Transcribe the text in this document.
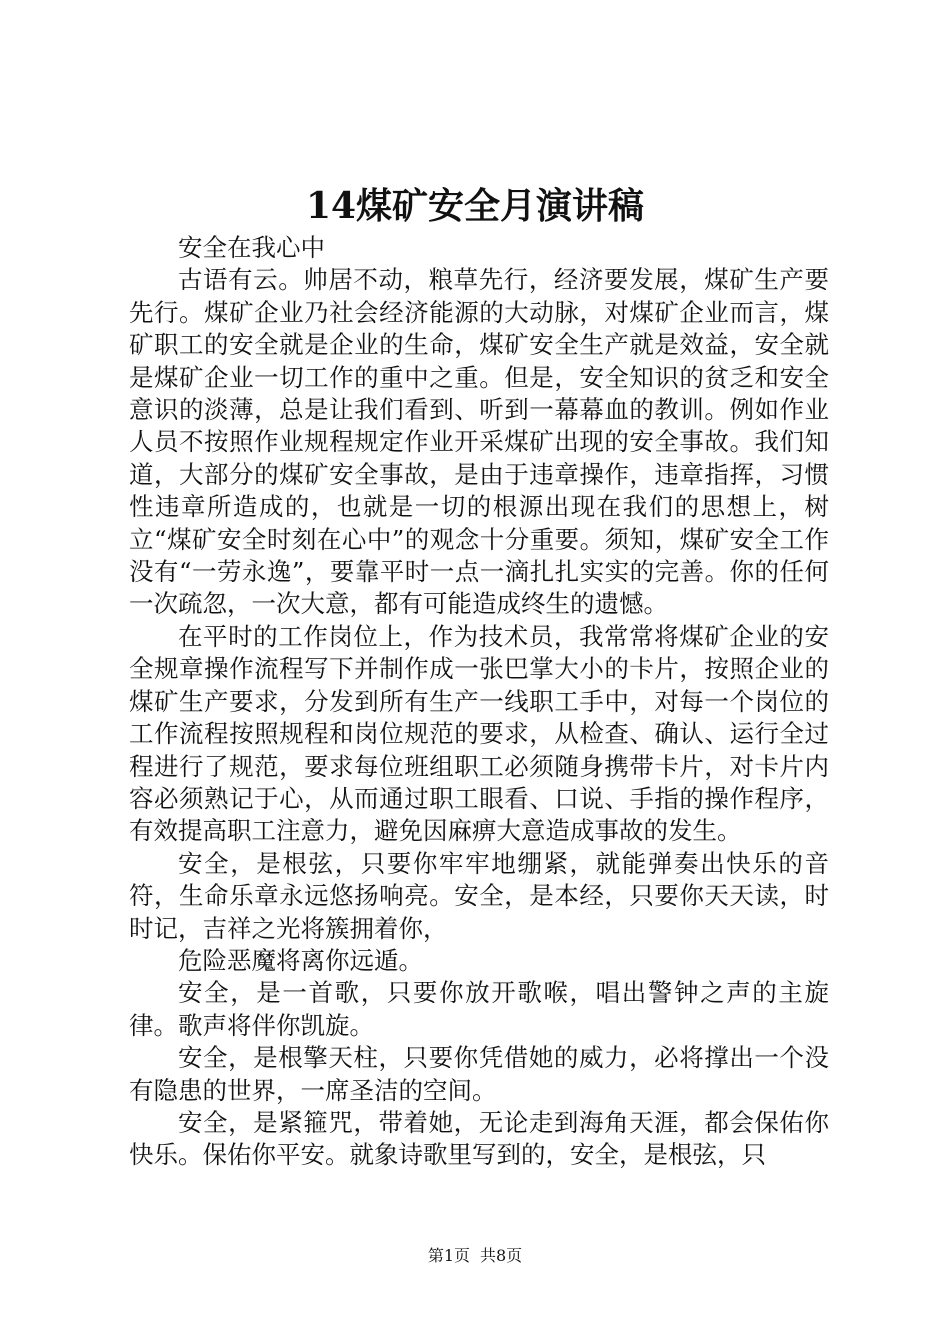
14煤矿安全月演讲稿

安全在我心中

古语有云。帅居不动，粮草先行，经济要发展，煤矿生产要先行。煤矿企业乃社会经济能源的大动脉，对煤矿企业而言，煤矿职工的安全就是企业的生命，煤矿安全生产就是效益，安全就是煤矿企业一切工作的重中之重。但是，安全知识的贫乏和安全意识的淡薄，总是让我们看到、听到一幕幕血的教训。例如作业人员不按照作业规程规定作业开采煤矿出现的安全事故。我们知道，大部分的煤矿安全事故，是由于违章操作，违章指挥，习惯性违章所造成的，也就是一切的根源出现在我们的思想上，树立“煤矿安全时刻在心中”的观念十分重要。须知，煤矿安全工作没有“一劳永逸”，要靠平时一点一滴扎扎实实的完善。你的任何一次疏忽，一次大意，都有可能造成终生的遗憾。

在平时的工作岗位上，作为技术员，我常常将煤矿企业的安全规章操作流程写下并制作成一张巴掌大小的卡片，按照企业的煤矿生产要求，分发到所有生产一线职工手中，对每一个岗位的工作流程按照规程和岗位规范的要求，从检查、确认、运行全过程进行了规范，要求每位班组职工必须随身携带卡片，对卡片内容必须熟记于心，从而通过职工眼看、口说、手指的操作程序，有效提高职工注意力，避免因麻痹大意造成事故的发生。

安全，是根弦，只要你牢牢地绷紧，就能弹奏出快乐的音符，生命乐章永远悠扬响亮。安全，是本经，只要你天天读，时时记，吉祥之光将簇拥着你，

危险恶魔将离你远遁。

安全，是一首歌，只要你放开歌喉，唱出警钟之声的主旋律。歌声将伴你凯旋。

安全，是根擎天柱，只要你凭借她的威力，必将撑出一个没有隐患的世界，一席圣洁的空间。

安全，是紧箍咒，带着她，无论走到海角天涯，都会保佑你快乐。保佑你平安。就象诗歌里写到的，安全，是根弦，只

第1页 共8页
